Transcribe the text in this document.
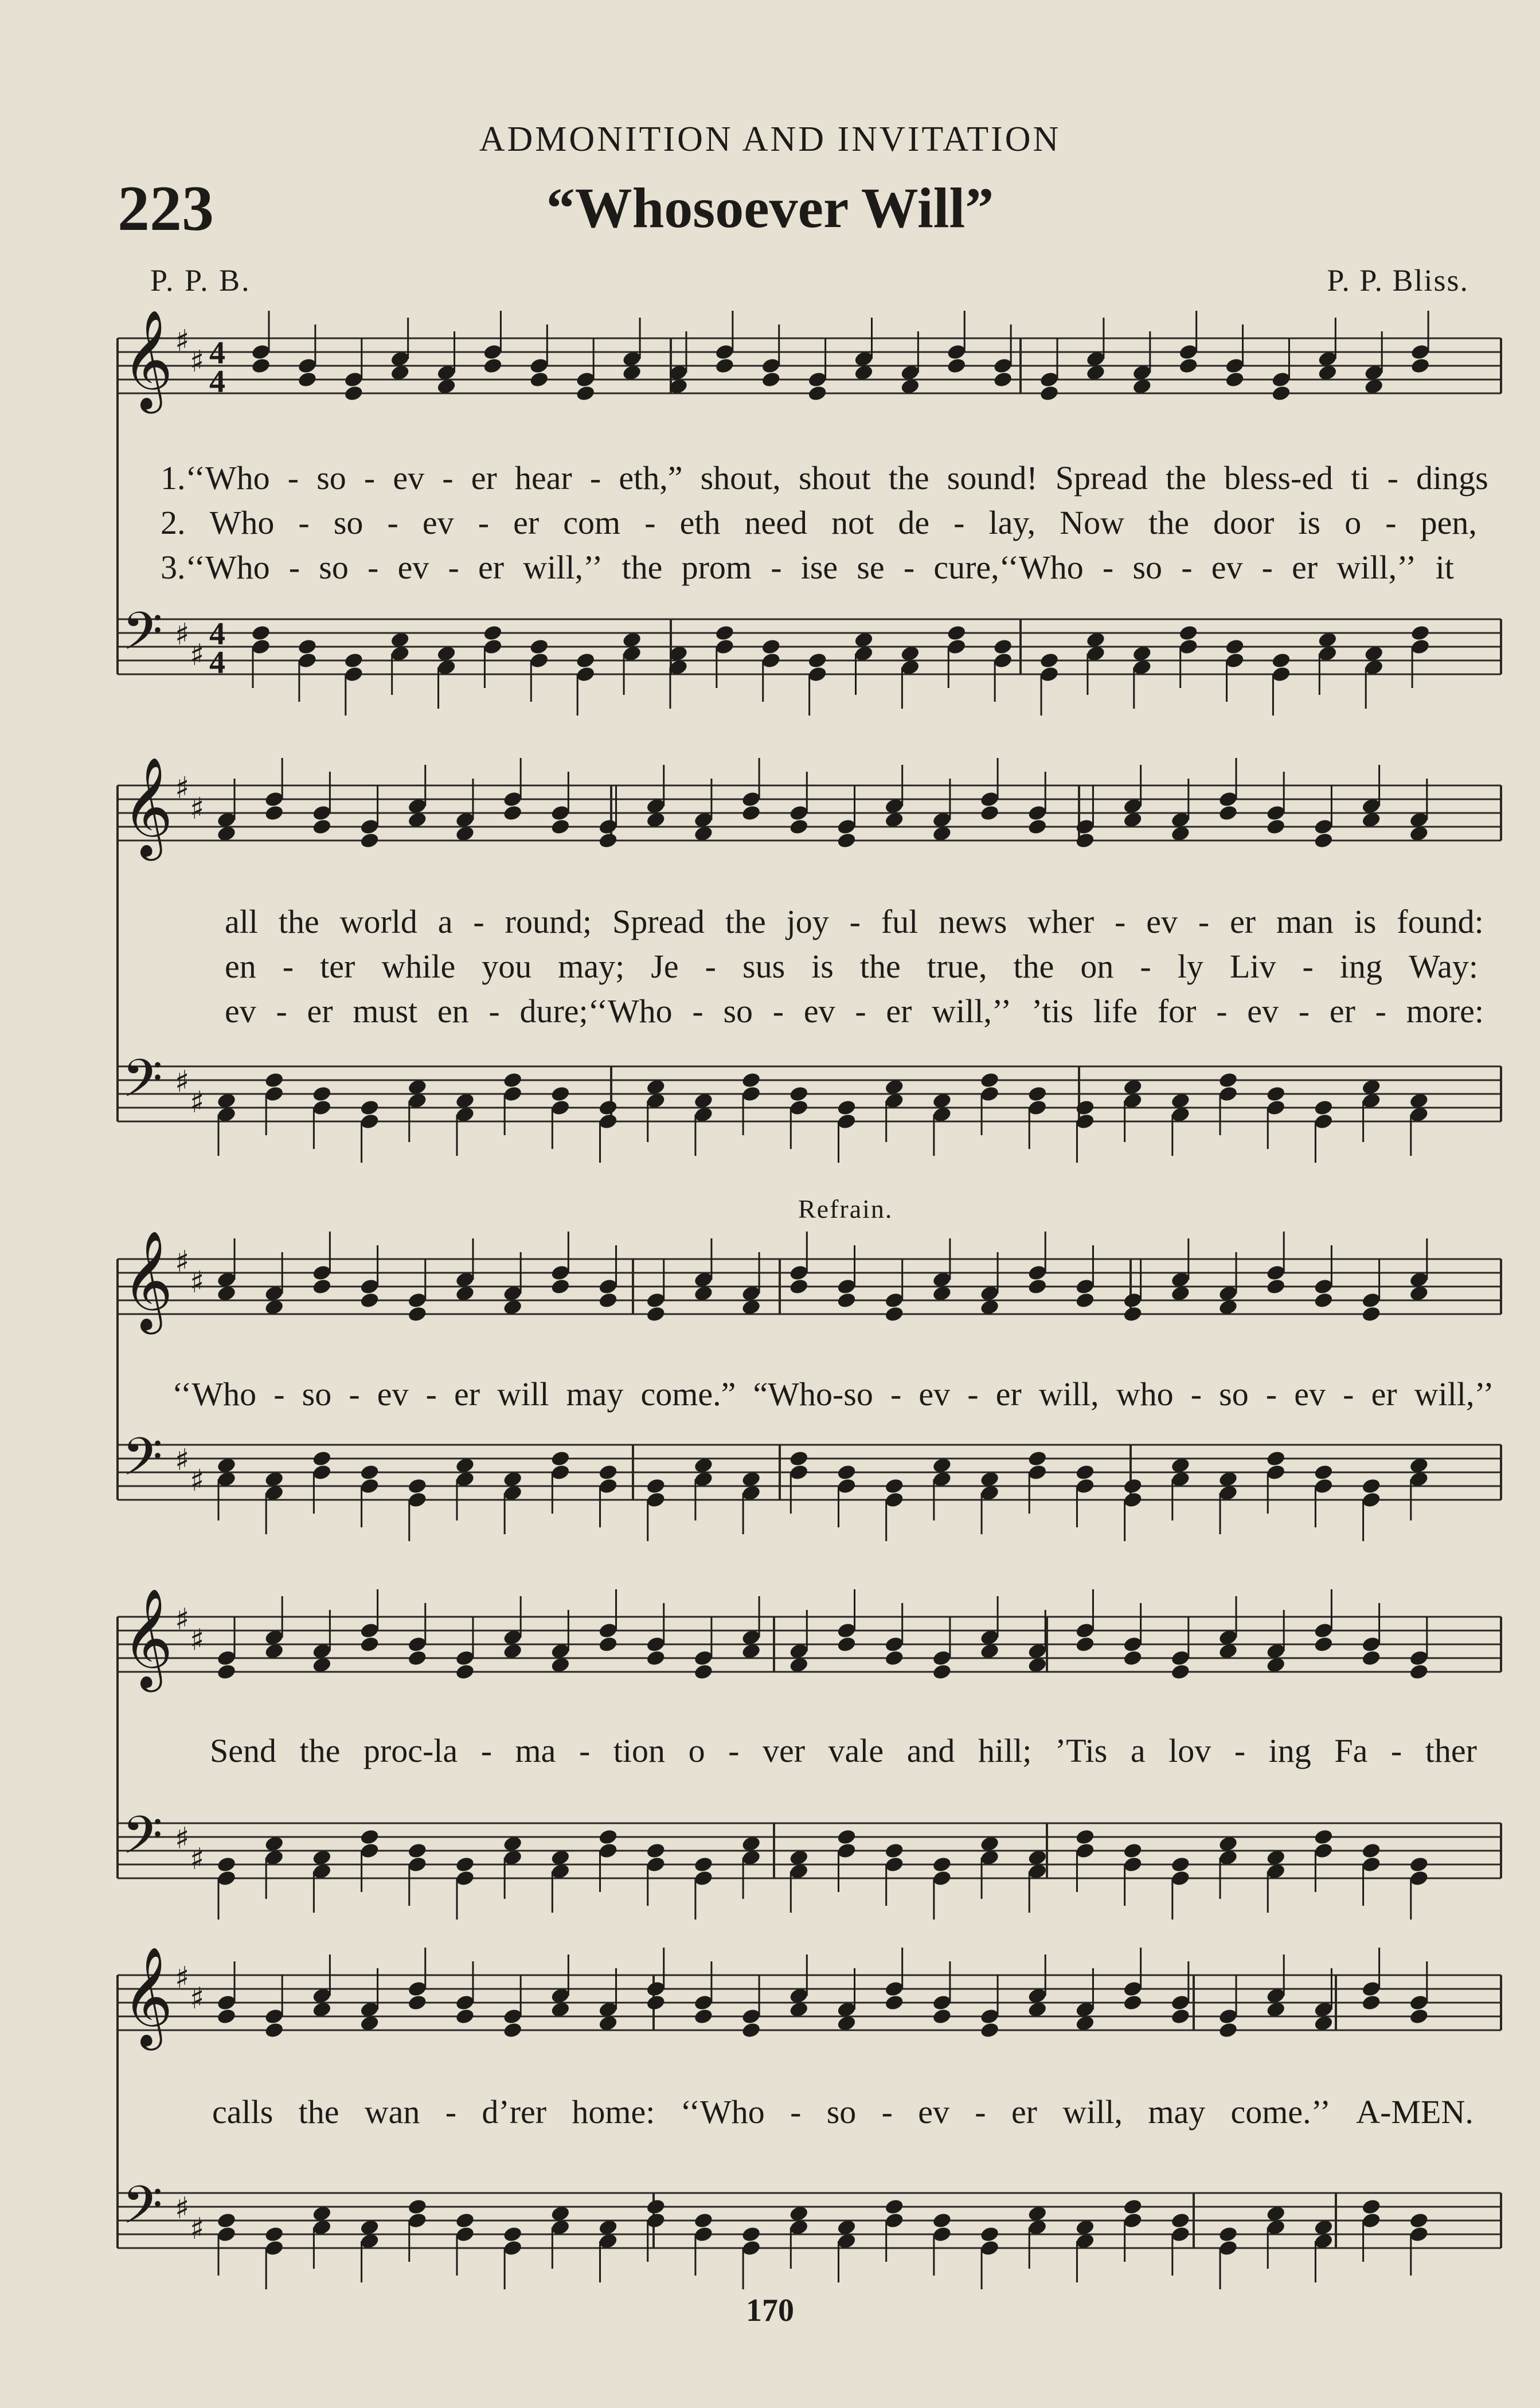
ADMONITION AND INVITATION
223	“Whosoever Will”
P. P. B.	P. P. Bliss.
Refrain.
𝄞 ♯
♯ 4
4
𝄢 ♯
♯
4
4
𝄞 ♯
♯
𝄢 ♯
♯
𝄞 ♯
♯
𝄢 ♯
♯
𝄞 ♯
♯
𝄢 ♯
♯
𝄞 ♯
♯
𝄢 ♯
♯
1.‘‘Who - so - ev - er hear - eth,” shout, shout the sound! Spread the bless-ed ti - dings
2. Who - so - ev - er com - eth need not de - lay, Now the door is o - pen,
3.‘‘Who - so - ev - er will,’’ the prom - ise se - cure,‘‘Who - so - ev - er will,’’ it
all the world a - round; Spread the joy - ful news wher - ev - er man is found:
en - ter while you may; Je - sus is the true, the on - ly Liv - ing Way:
ev - er must en - dure;‘‘Who - so - ev - er will,’’ ’tis life for - ev - er - more:
‘‘Who - so - ev - er will may come.” “Who-so - ev - er will, who - so - ev - er will,’’
Send the proc-la - ma - tion o - ver vale and hill; ’Tis a lov - ing Fa - ther
calls the wan - d’rer home: ‘‘Who - so - ev - er will, may come.’’ A-MEN.
170
